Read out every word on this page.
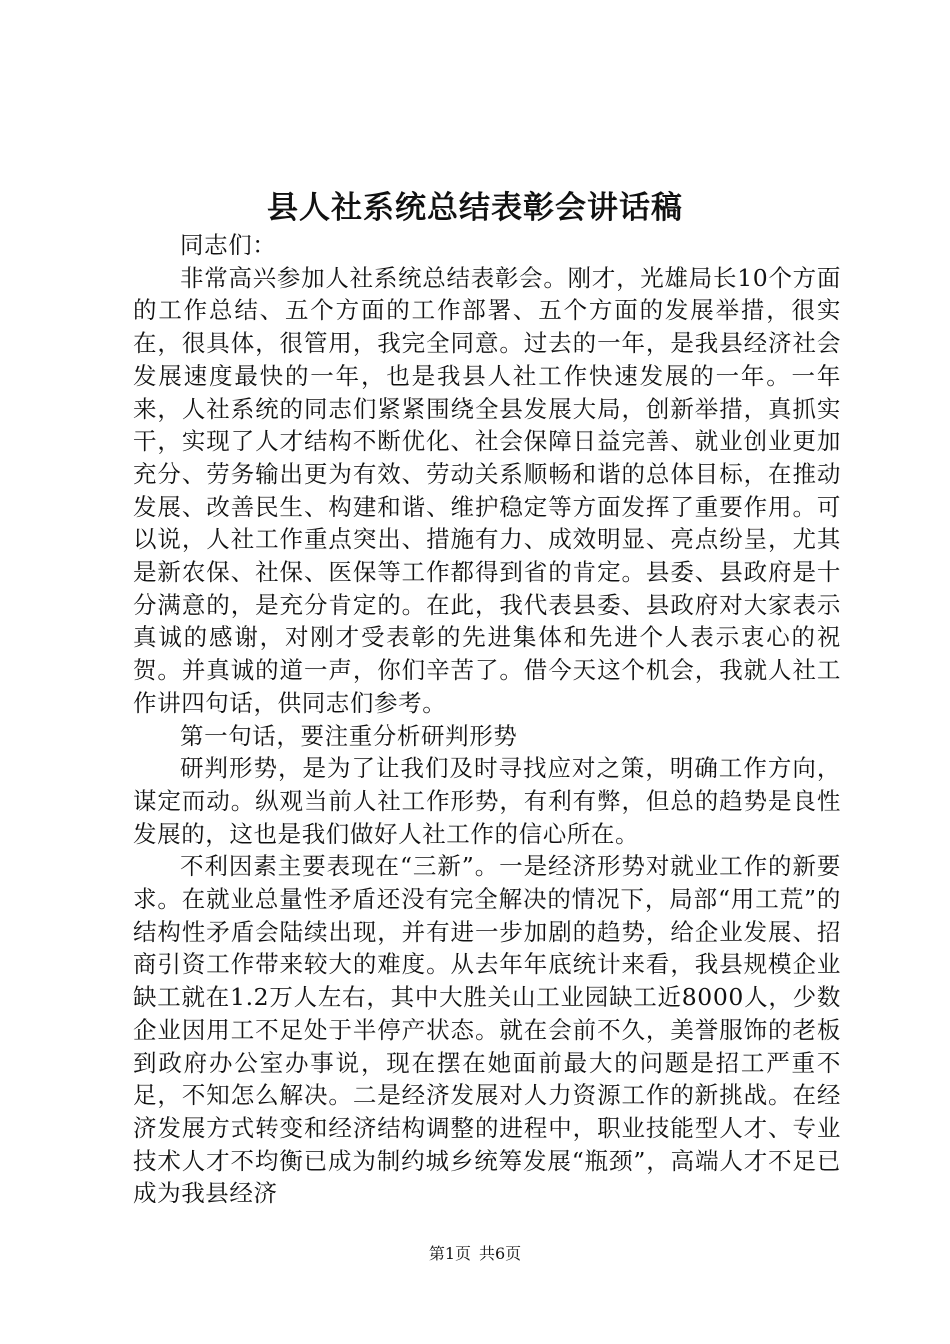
县人社系统总结表彰会讲话稿

同志们：

非常高兴参加人社系统总结表彰会。刚才，光雄局长10个方面的工作总结、五个方面的工作部署、五个方面的发展举措，很实在，很具体，很管用，我完全同意。过去的一年，是我县经济社会发展速度最快的一年，也是我县人社工作快速发展的一年。一年来，人社系统的同志们紧紧围绕全县发展大局，创新举措，真抓实干，实现了人才结构不断优化、社会保障日益完善、就业创业更加充分、劳务输出更为有效、劳动关系顺畅和谐的总体目标，在推动发展、改善民生、构建和谐、维护稳定等方面发挥了重要作用。可以说，人社工作重点突出、措施有力、成效明显、亮点纷呈，尤其是新农保、社保、医保等工作都得到省的肯定。县委、县政府是十分满意的，是充分肯定的。在此，我代表县委、县政府对大家表示真诚的感谢，对刚才受表彰的先进集体和先进个人表示衷心的祝贺。并真诚的道一声，你们辛苦了。借今天这个机会，我就人社工作讲四句话，供同志们参考。

第一句话，要注重分析研判形势

研判形势，是为了让我们及时寻找应对之策，明确工作方向，谋定而动。纵观当前人社工作形势，有利有弊，但总的趋势是良性发展的，这也是我们做好人社工作的信心所在。

不利因素主要表现在“三新”。一是经济形势对就业工作的新要求。在就业总量性矛盾还没有完全解决的情况下，局部“用工荒”的结构性矛盾会陆续出现，并有进一步加剧的趋势，给企业发展、招商引资工作带来较大的难度。从去年年底统计来看，我县规模企业缺工就在1.2万人左右，其中大胜关山工业园缺工近8000人，少数企业因用工不足处于半停产状态。就在会前不久，美誉服饰的老板到政府办公室办事说，现在摆在她面前最大的问题是招工严重不足，不知怎么解决。二是经济发展对人力资源工作的新挑战。在经济发展方式转变和经济结构调整的进程中，职业技能型人才、专业技术人才不均衡已成为制约城乡统筹发展“瓶颈”，高端人才不足已成为我县经济

第1页 共6页
